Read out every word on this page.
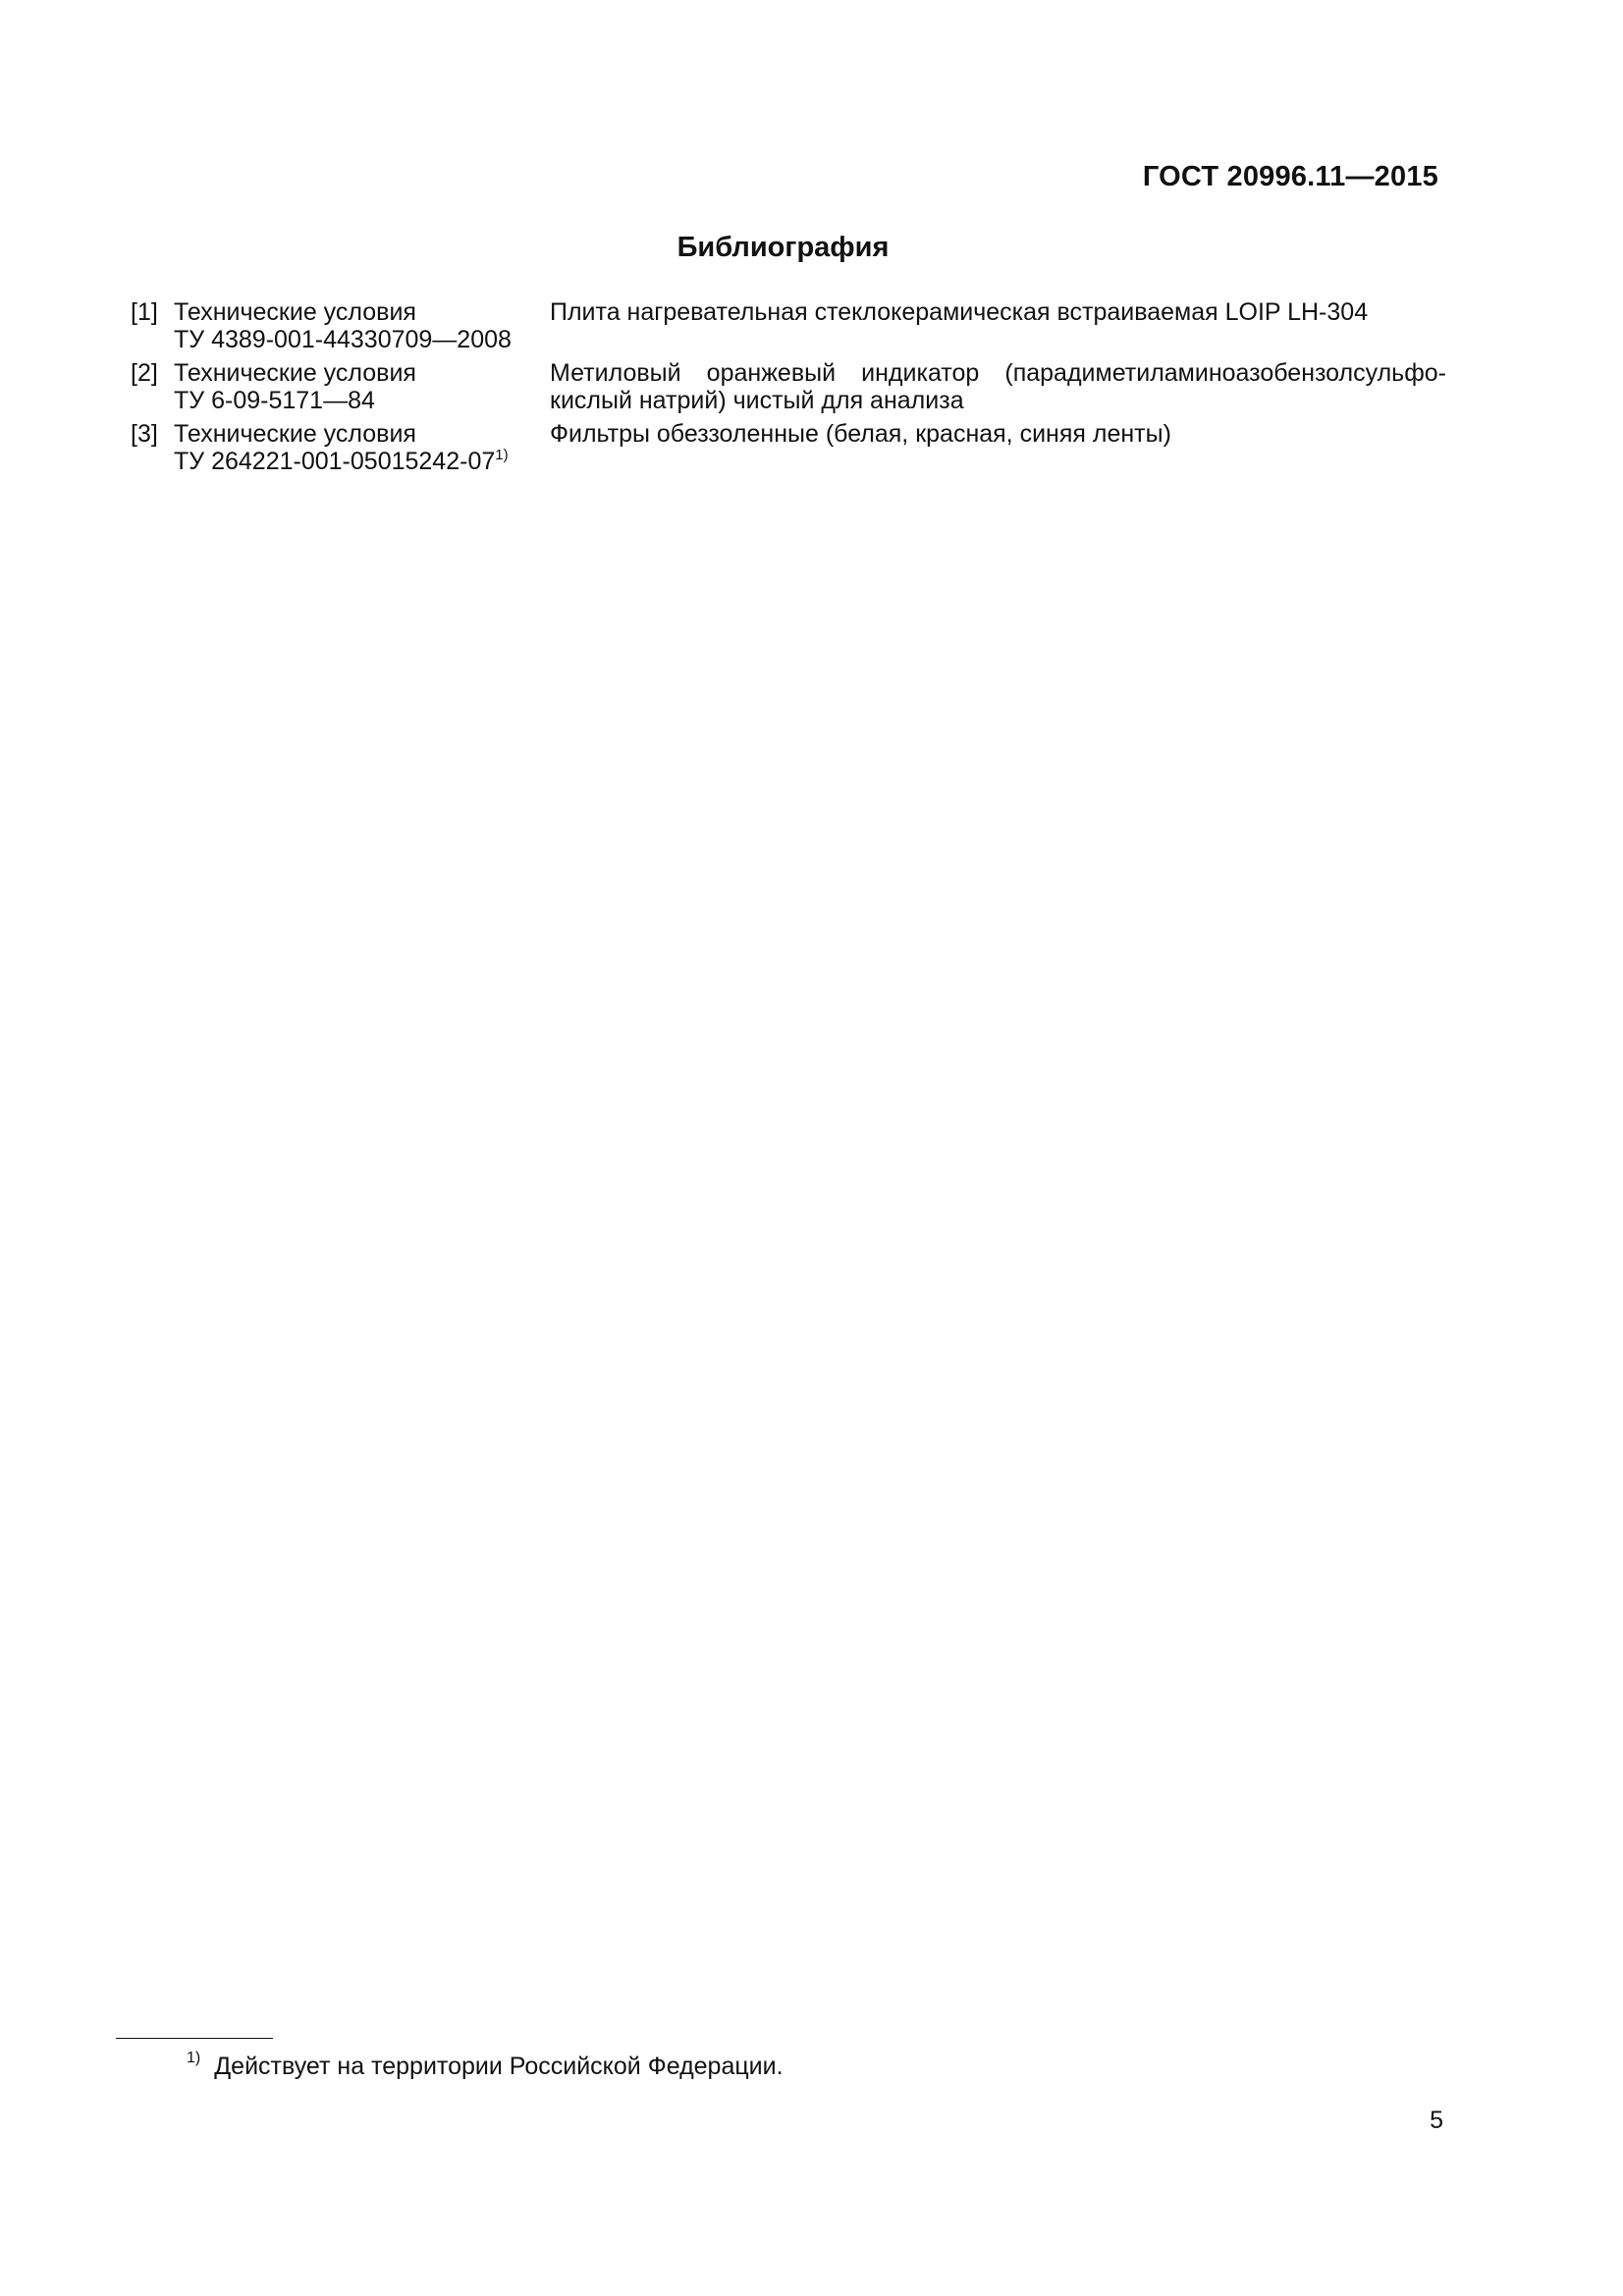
ГОСТ 20996.11—2015
Библиография
[1] Технические условия
ТУ 4389-001-44330709—2008
Плита нагревательная стеклокерамическая встраиваемая LOIP LH-304
[2] Технические условия
ТУ 6-09-5171—84
Метиловый оранжевый индикатор (парадиметиламиноазобензолсульфо-
кислый натрий) чистый для анализа
[3] Технические условия
ТУ 264221-001-05015242-07$^{1)}$
Фильтры обеззоленные (белая, красная, синяя ленты)
$^{1)}$ Действует на территории Российской Федерации.
5
